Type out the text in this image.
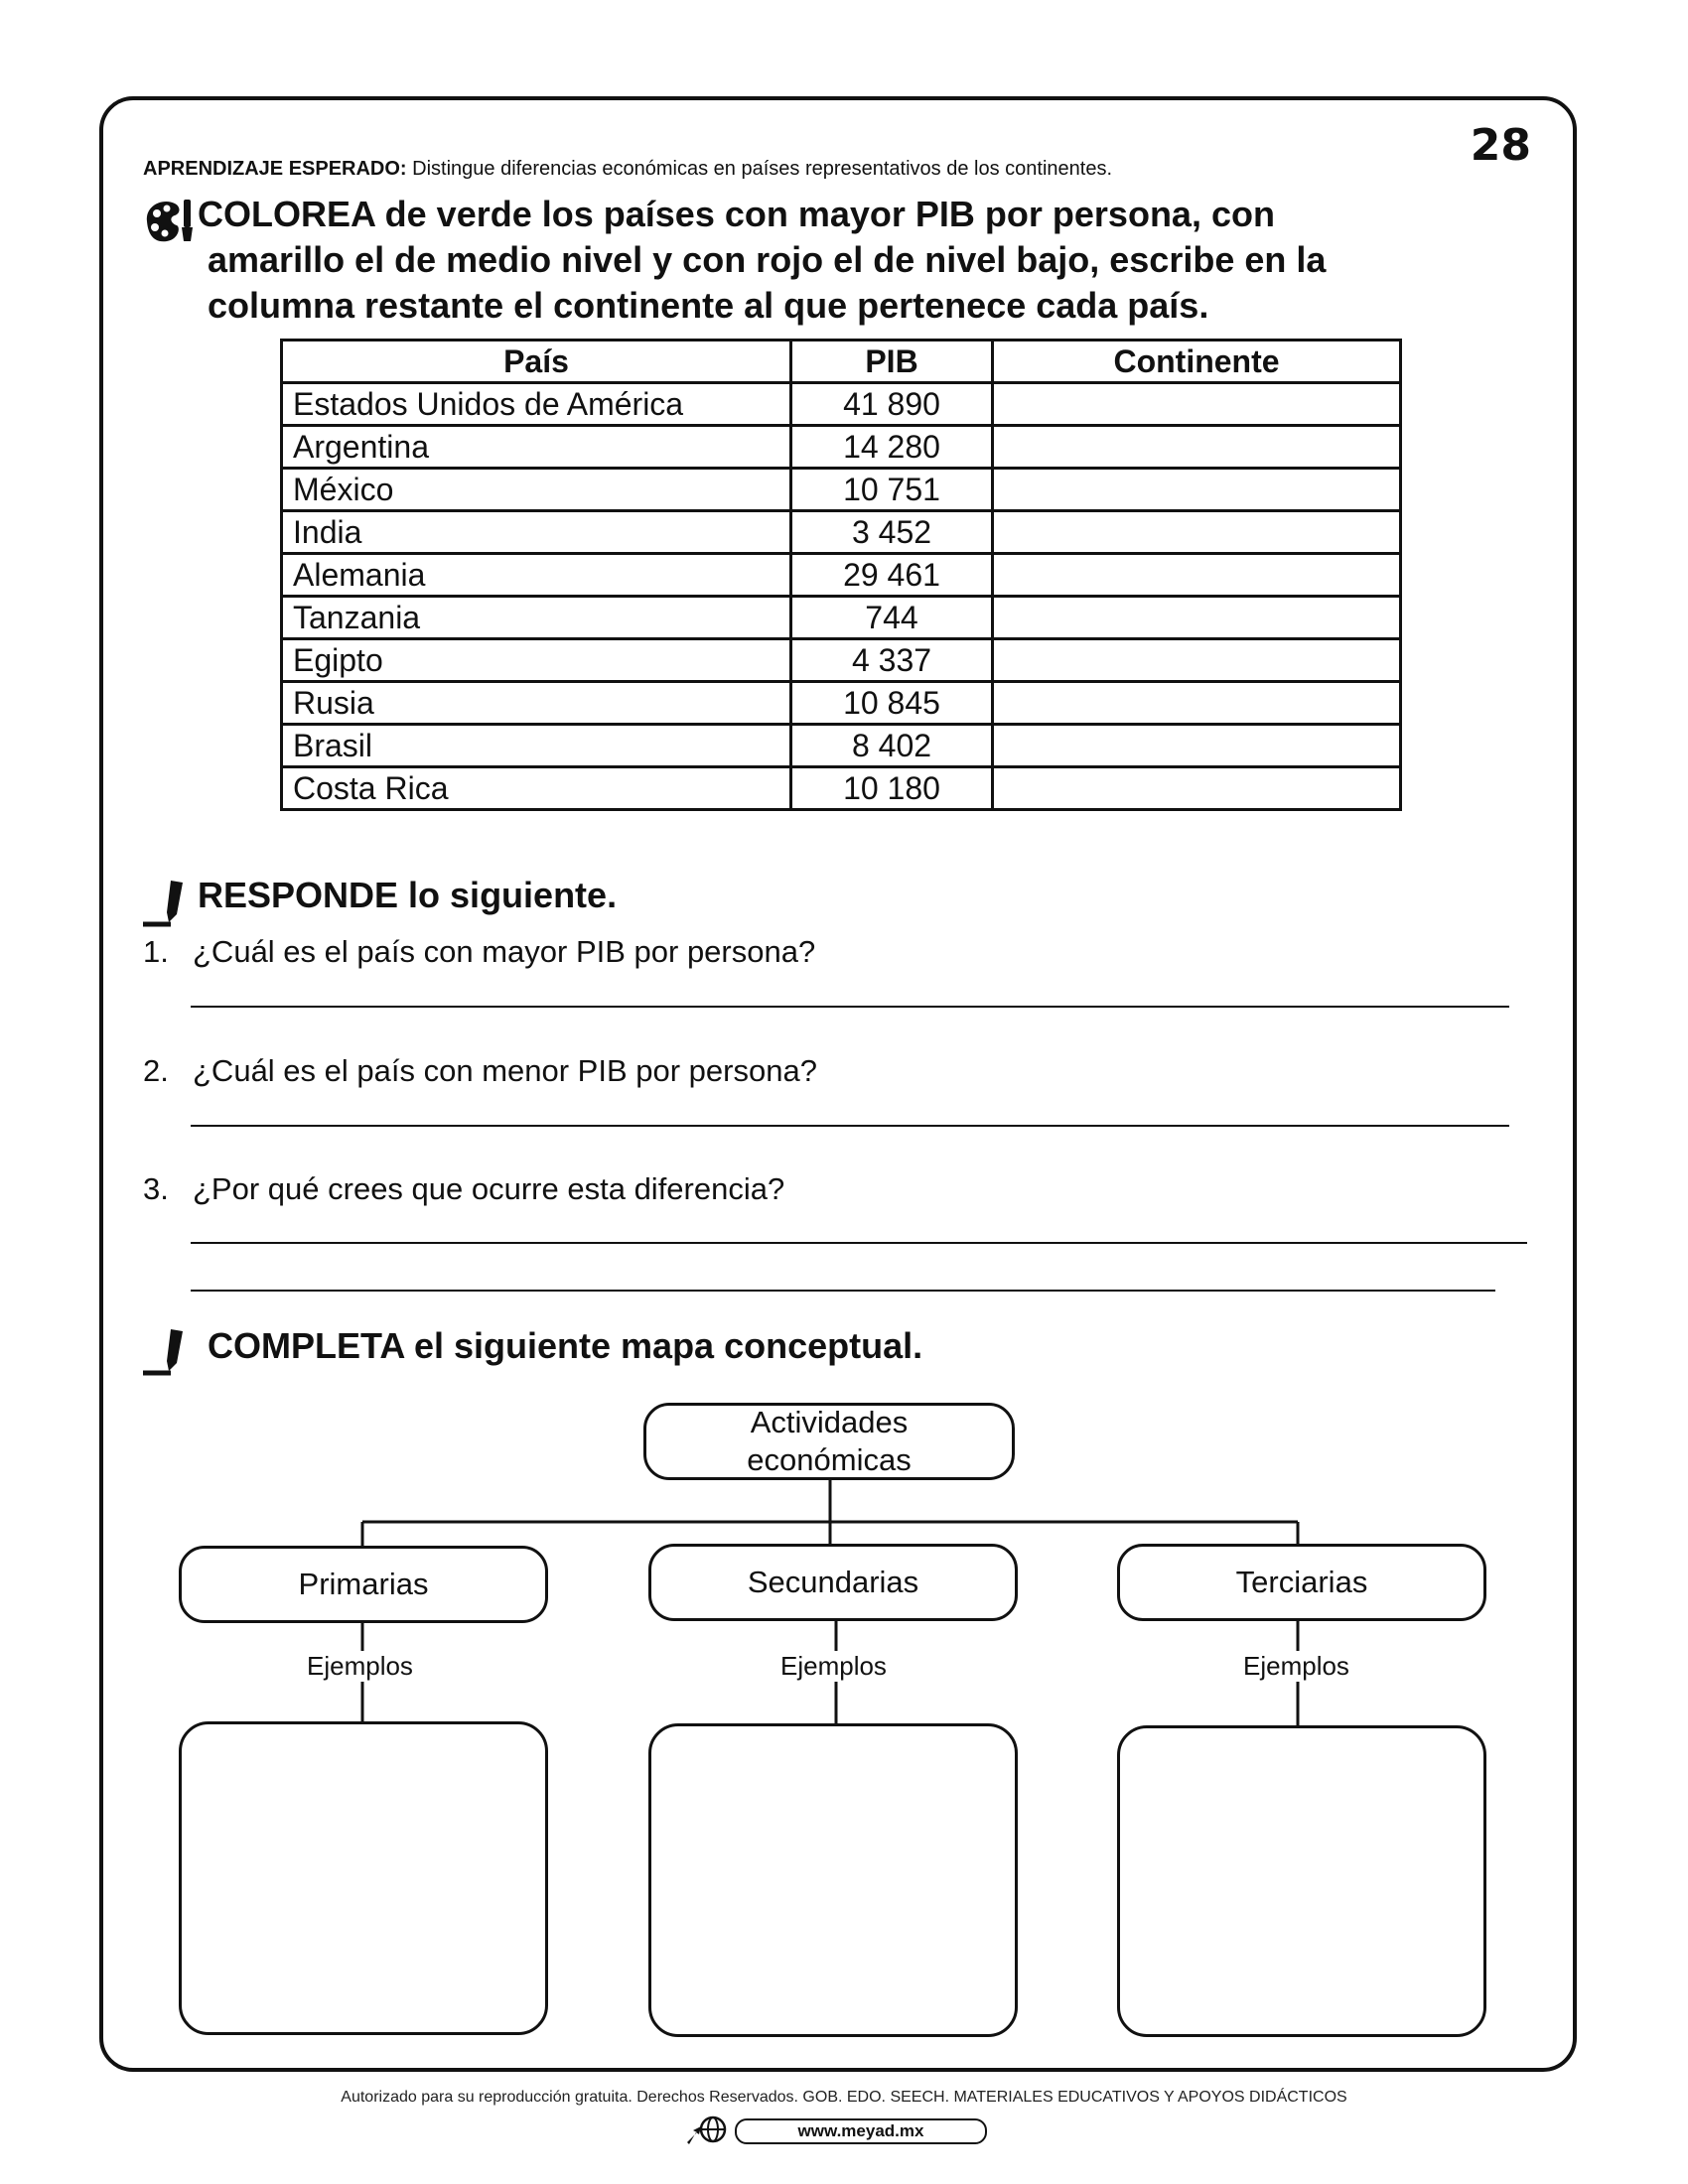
28
APRENDIZAJE ESPERADO: Distingue diferencias económicas en países representativos de los continentes.
COLOREA de verde los países con mayor PIB por persona, con
amarillo el de medio nivel y con rojo el de nivel bajo, escribe en la
columna restante el continente al que pertenece cada país.
País	PIB	Continente
Estados Unidos de América	41 890	
Argentina	14 280	
México	10 751	
India	3 452	
Alemania	29 461	
Tanzania	744	
Egipto	4 337	
Rusia	10 845	
Brasil	8 402	
Costa Rica	10 180	
RESPONDE lo siguiente.
1. ¿Cuál es el país con mayor PIB por persona?
2. ¿Cuál es el país con menor PIB por persona?
3. ¿Por qué crees que ocurre esta diferencia?
COMPLETA el siguiente mapa conceptual.
Actividades
económicas
Primarias	Secundarias	Terciarias
Ejemplos	Ejemplos	Ejemplos
Autorizado para su reproducción gratuita. Derechos Reservados. GOB. EDO. SEECH. MATERIALES EDUCATIVOS Y APOYOS DIDÁCTICOS
www.meyad.mx
